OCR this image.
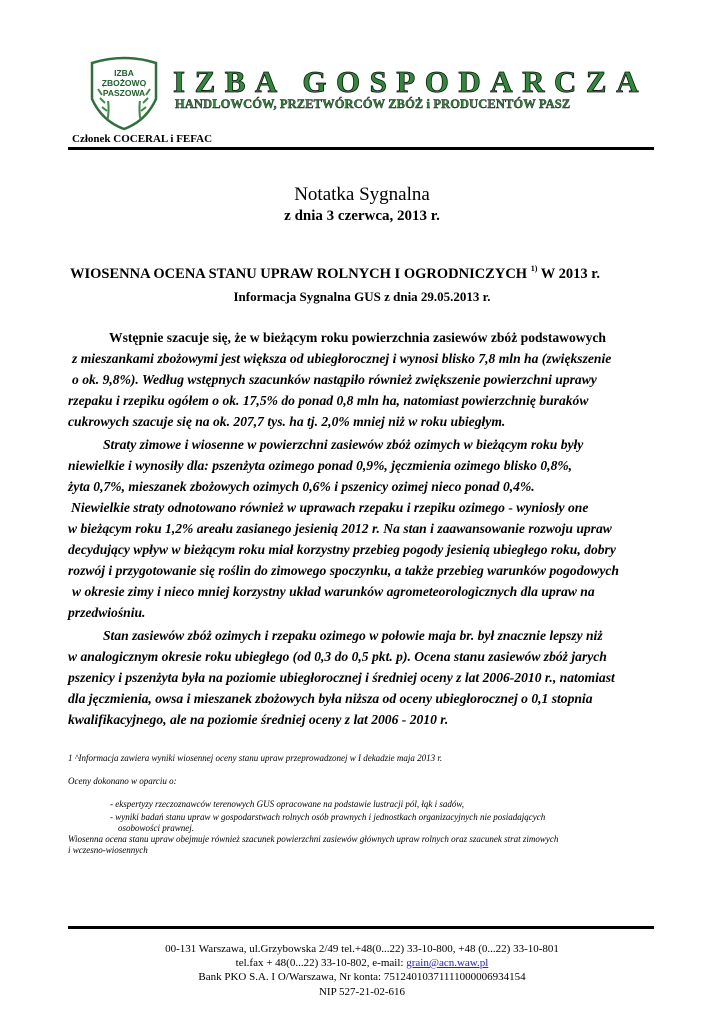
IZBA
ZBOŻOWO
PASZOWA IZBA GOSPODARCZA
HANDLOWCÓW, PRZETWÓRCÓW ZBÓŻ i PRODUCENTÓW PASZ
Członek COCERAL i FEFAC
Notatka Sygnalna
z dnia 3 czerwca, 2013 r.
WIOSENNA OCENA STANU UPRAW ROLNYCH I OGRODNICZYCH $^{1)}$ W 2013 r.
Informacja Sygnalna GUS z dnia 29.05.2013 r.
Wstępnie szacuje się, że w bieżącym roku powierzchnia zasiewów zbóż podstawowych
z mieszankami zbożowymi jest większa od ubiegłorocznej i wynosi blisko 7,8 mln ha (zwiększenie
o ok. 9,8%). Według wstępnych szacunków nastąpiło również zwiększenie powierzchni uprawy
rzepaku i rzepiku ogółem o ok. 17,5% do ponad 0,8 mln ha, natomiast powierzchnię buraków
cukrowych szacuje się na ok. 207,7 tys. ha tj. 2,0% mniej niż w roku ubiegłym.
Straty zimowe i wiosenne w powierzchni zasiewów zbóż ozimych w bieżącym roku były
niewielkie i wynosiły dla: pszenżyta ozimego ponad 0,9%, jęczmienia ozimego blisko 0,8%,
żyta 0,7%, mieszanek zbożowych ozimych 0,6% i pszenicy ozimej nieco ponad 0,4%.
Niewielkie straty odnotowano również w uprawach rzepaku i rzepiku ozimego - wyniosły one
w bieżącym roku 1,2% areału zasianego jesienią 2012 r. Na stan i zaawansowanie rozwoju upraw
decydujący wpływ w bieżącym roku miał korzystny przebieg pogody jesienią ubiegłego roku, dobry
rozwój i przygotowanie się roślin do zimowego spoczynku, a także przebieg warunków pogodowych
w okresie zimy i nieco mniej korzystny układ warunków agrometeorologicznych dla upraw na
przedwiośniu.
Stan zasiewów zbóż ozimych i rzepaku ozimego w połowie maja br. był znacznie lepszy niż
w analogicznym okresie roku ubiegłego (od 0,3 do 0,5 pkt. p). Ocena stanu zasiewów zbóż jarych
pszenicy i pszenżyta była na poziomie ubiegłorocznej i średniej oceny z lat 2006-2010 r., natomiast
dla jęczmienia, owsa i mieszanek zbożowych była niższa od oceny ubiegłorocznej o 0,1 stopnia
kwalifikacyjnego, ale na poziomie średniej oceny z lat 2006 - 2010 r.
1 ^Informacja zawiera wyniki wiosennej oceny stanu upraw przeprowadzonej w I dekadzie maja 2013 r.
Oceny dokonano w oparciu o:
- ekspertyzy rzeczoznawców terenowych GUS opracowane na podstawie lustracji pól, łąk i sadów,
- wyniki badań stanu upraw w gospodarstwach rolnych osób prawnych i jednostkach organizacyjnych nie posiadających
osobowości prawnej.
Wiosenna ocena stanu upraw obejmuje również szacunek powierzchni zasiewów głównych upraw rolnych oraz szacunek strat zimowych
i wczesno-wiosennych
00-131 Warszawa, ul.Grzybowska 2/49 tel.+48(0...22) 33-10-800, +48 (0...22) 33-10-801
tel.fax + 48(0...22) 33-10-802, e-mail: grain@acn.waw.pl
Bank PKO S.A. I O/Warszawa, Nr konta: 75124010371111000006934154
NIP 527-21-02-616
